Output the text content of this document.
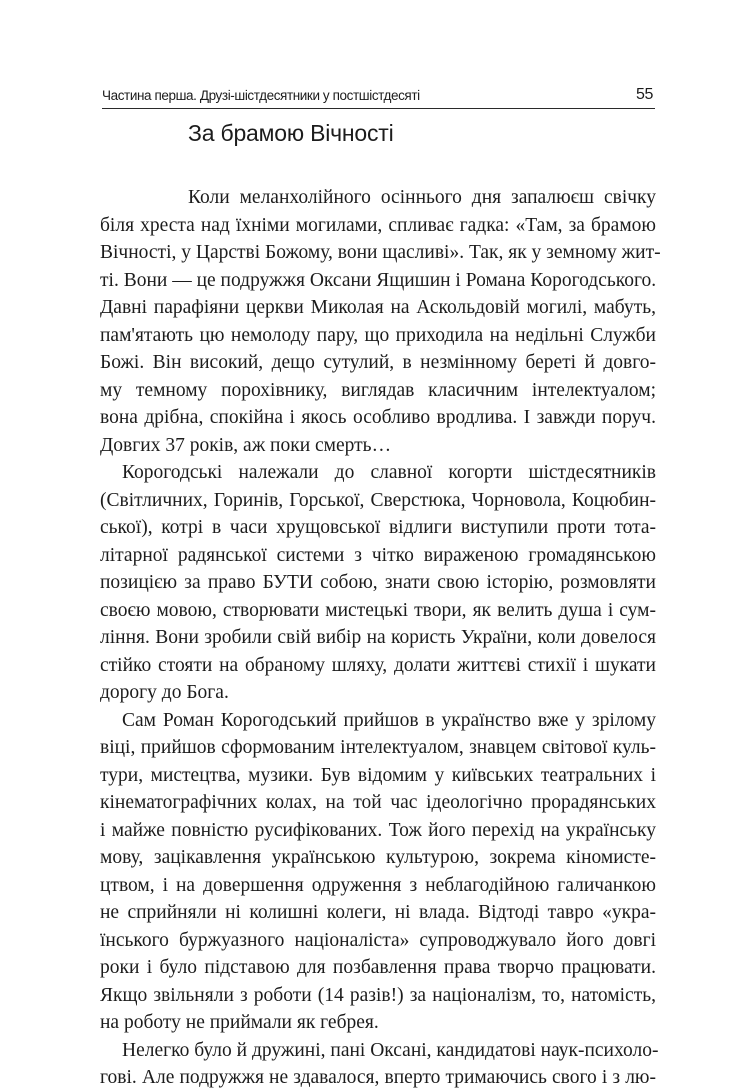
Частина перша. Друзі-шістдесятники у постшістдесяті	55
За брамою Вічності
Коли меланхолійного осіннього дня запалюєш свічку
біля хреста над їхніми могилами, спливає гадка: «Там, за брамою
Вічності, у Царстві Божому, вони щасливі». Так, як у земному жит-
ті. Вони — це подружжя Оксани Ящишин і Романа Корогодського.
Давні парафіяни церкви Миколая на Аскольдовій могилі, мабуть,
пам'ятають цю немолоду пару, що приходила на недільні Служби
Божі. Він високий, дещо сутулий, в незмінному береті й довго-
му темному порохівнику, виглядав класичним інтелектуалом;
вона дрібна, спокійна і якось особливо вродлива. І завжди поруч.
Довгих 37 років, аж поки смерть…
Корогодські належали до славної когорти шістдесятників
(Світличних, Горинів, Горської, Сверстюка, Чорновола, Коцюбин-
ської), котрі в часи хрущовської відлиги виступили проти тота-
літарної радянської системи з чітко вираженою громадянською
позицією за право БУТИ собою, знати свою історію, розмовляти
своєю мовою, створювати мистецькі твори, як велить душа і сум-
ління. Вони зробили свій вибір на користь України, коли довелося
стійко стояти на обраному шляху, долати життєві стихії і шукати
дорогу до Бога.
Сам Роман Корогодський прийшов в українство вже у зрілому
віці, прийшов сформованим інтелектуалом, знавцем світової куль-
тури, мистецтва, музики. Був відомим у київських театральних і
кінематографічних колах, на той час ідеологічно прорадянських
і майже повністю русифікованих. Тож його перехід на українську
мову, зацікавлення українською культурою, зокрема кіномисте-
цтвом, і на довершення одруження з неблагодійною галичанкою
не сприйняли ні колишні колеги, ні влада. Відтоді тавро «укра-
їнського буржуазного націоналіста» супроводжувало його довгі
роки і було підставою для позбавлення права творчо працювати.
Якщо звільняли з роботи (14 разів!) за націоналізм, то, натомість,
на роботу не приймали як гебрея.
Нелегко було й дружині, пані Оксані, кандидатові наук-психоло-
гові. Але подружжя не здавалося, вперто тримаючись свого і з лю-
